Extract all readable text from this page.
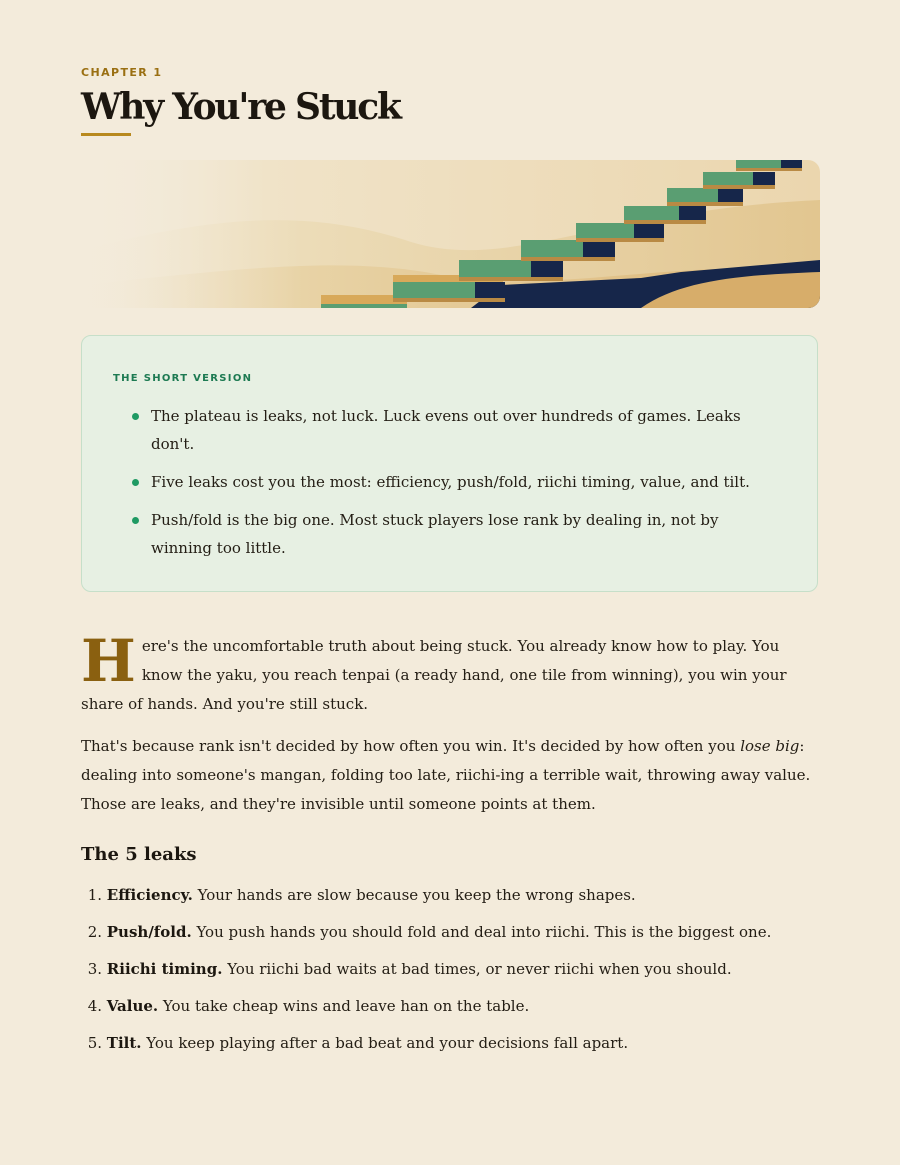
CHAPTER 1
Why You're Stuck
THE SHORT VERSION
The plateau is leaks, not luck. Luck evens out over hundreds of games. Leaks don't.
Five leaks cost you the most: efficiency, push/fold, riichi timing, value, and tilt.
Push/fold is the big one. Most stuck players lose rank by dealing in, not by winning too little.

Here's the uncomfortable truth about being stuck. You already know how to play. You know the yaku, you reach tenpai (a ready hand, one tile from winning), you win your share of hands. And you're still stuck.

That's because rank isn't decided by how often you win. It's decided by how often you lose big: dealing into someone's mangan, folding too late, riichi-ing a terrible wait, throwing away value. Those are leaks, and they're invisible until someone points at them.

The 5 leaks
1. Efficiency. Your hands are slow because you keep the wrong shapes.
2. Push/fold. You push hands you should fold and deal into riichi. This is the biggest one.
3. Riichi timing. You riichi bad waits at bad times, or never riichi when you should.
4. Value. You take cheap wins and leave han on the table.
5. Tilt. You keep playing after a bad beat and your decisions fall apart.
